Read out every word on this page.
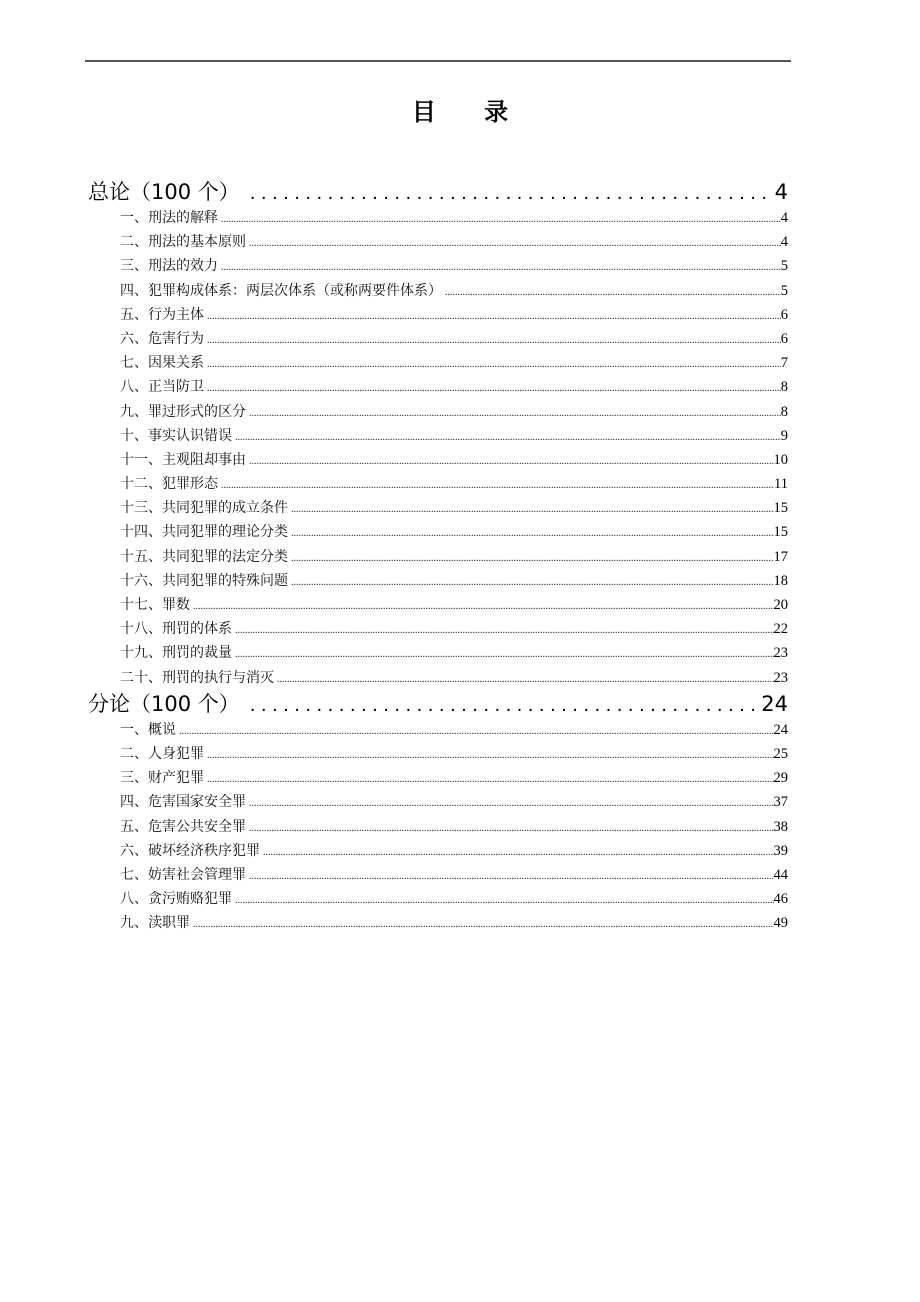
目 录
总论（100 个） .....	4
一、刑法的解释 .....	4
二、刑法的基本原则 .....	4
三、刑法的效力 .....	5
四、犯罪构成体系：两层次体系（或称两要件体系） .....	5
五、行为主体 .....	6
六、危害行为 .....	6
七、因果关系 .....	7
八、正当防卫 .....	8
九、罪过形式的区分 .....	8
十、事实认识错误 .....	9
十一、主观阻却事由 .....	10
十二、犯罪形态 .....	11
十三、共同犯罪的成立条件 .....	15
十四、共同犯罪的理论分类 .....	15
十五、共同犯罪的法定分类 .....	17
十六、共同犯罪的特殊问题 .....	18
十七、罪数 .....	20
十八、刑罚的体系 .....	22
十九、刑罚的裁量 .....	23
二十、刑罚的执行与消灭 .....	23
分论（100 个） .....	24
一、概说 .....	24
二、人身犯罪 .....	25
三、财产犯罪 .....	29
四、危害国家安全罪 .....	37
五、危害公共安全罪 .....	38
六、破坏经济秩序犯罪 .....	39
七、妨害社会管理罪 .....	44
八、贪污贿赂犯罪 .....	46
九、渎职罪 .....	49
